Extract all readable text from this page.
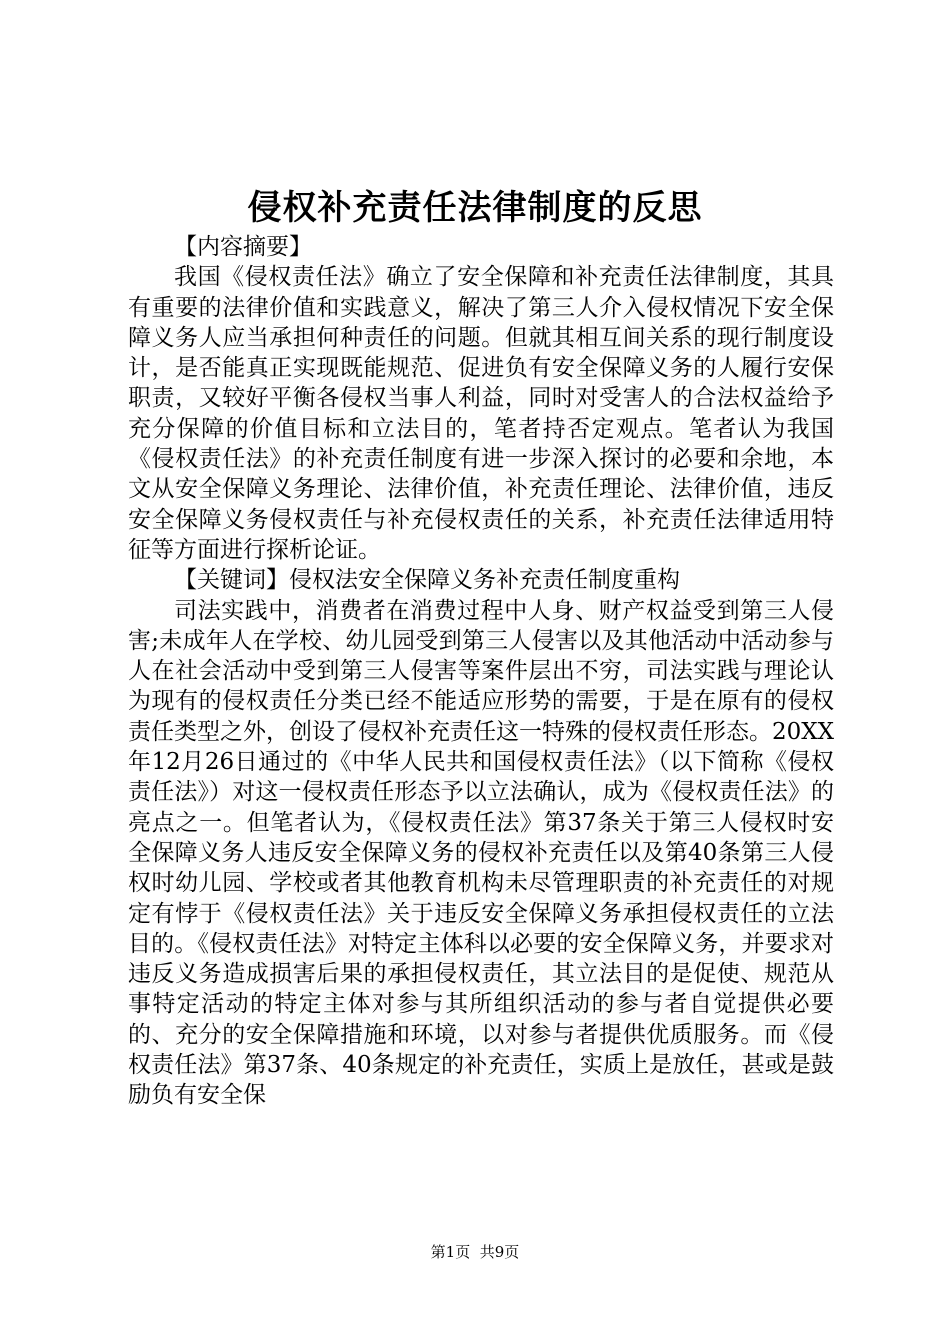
侵权补充责任法律制度的反思

【内容摘要】

我国《侵权责任法》确立了安全保障和补充责任法律制度，其具有重要的法律价值和实践意义，解决了第三人介入侵权情况下安全保障义务人应当承担何种责任的问题。但就其相互间关系的现行制度设计，是否能真正实现既能规范、促进负有安全保障义务的人履行安保职责，又较好平衡各侵权当事人利益，同时对受害人的合法权益给予充分保障的价值目标和立法目的，笔者持否定观点。笔者认为我国《侵权责任法》的补充责任制度有进一步深入探讨的必要和余地，本文从安全保障义务理论、法律价值，补充责任理论、法律价值，违反安全保障义务侵权责任与补充侵权责任的关系，补充责任法律适用特征等方面进行探析论证。

【关键词】侵权法安全保障义务补充责任制度重构

司法实践中，消费者在消费过程中人身、财产权益受到第三人侵害;未成年人在学校、幼儿园受到第三人侵害以及其他活动中活动参与人在社会活动中受到第三人侵害等案件层出不穷，司法实践与理论认为现有的侵权责任分类已经不能适应形势的需要，于是在原有的侵权责任类型之外，创设了侵权补充责任这一特殊的侵权责任形态。20XX年12月26日通过的《中华人民共和国侵权责任法》（以下简称《侵权责任法》）对这一侵权责任形态予以立法确认，成为《侵权责任法》的亮点之一。但笔者认为，《侵权责任法》第37条关于第三人侵权时安全保障义务人违反安全保障义务的侵权补充责任以及第40条第三人侵权时幼儿园、学校或者其他教育机构未尽管理职责的补充责任的对规定有悖于《侵权责任法》关于违反安全保障义务承担侵权责任的立法目的。《侵权责任法》对特定主体科以必要的安全保障义务，并要求对违反义务造成损害后果的承担侵权责任，其立法目的是促使、规范从事特定活动的特定主体对参与其所组织活动的参与者自觉提供必要的、充分的安全保障措施和环境，以对参与者提供优质服务。而《侵权责任法》第37条、40条规定的补充责任，实质上是放任，甚或是鼓励负有安全保

第1页 共9页
